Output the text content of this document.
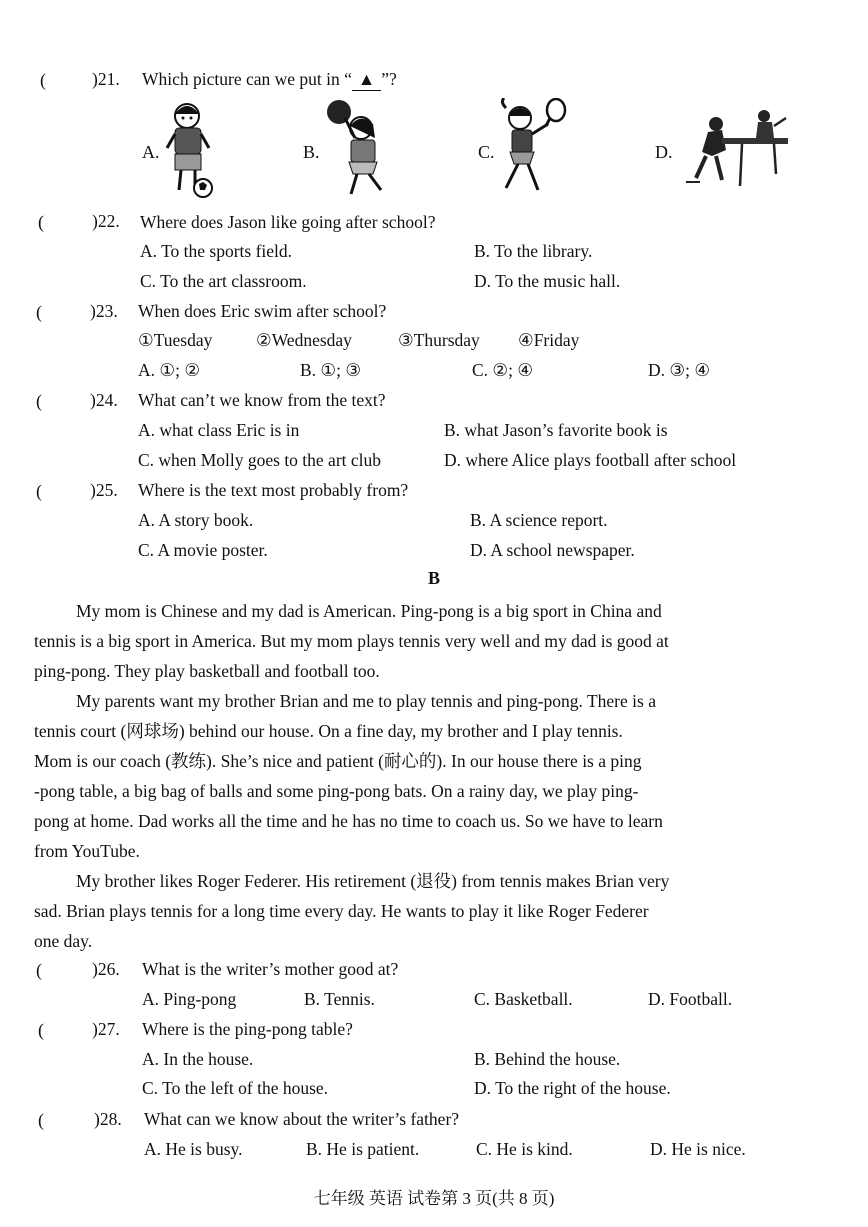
(	)21. Which picture can we put in “ ▲ ”?
A.	B.	C.	D.
(	)22. Where does Jason like going after school?
A. To the sports field.	B. To the library.
C. To the art classroom.	D. To the music hall.
(	)23. When does Eric swim after school?
①Tuesday ②Wednesday	③Thursday ④Friday
A. ①; ②	B. ①; ③	C. ②; ④	D. ③; ④
(	)24. What can’t we know from the text?
A. what class Eric is in	B. what Jason’s favorite book is
C. when Molly goes to the art club	D. where Alice plays football after school
(	)25. Where is the text most probably from?
A. A story book.	B. A science report.
C. A movie poster.	D. A school newspaper.
B
My mom is Chinese and my dad is American. Ping-pong is a big sport in China and
tennis is a big sport in America. But my mom plays tennis very well and my dad is good at
ping-pong. They play basketball and football too.
My parents want my brother Brian and me to play tennis and ping-pong. There is a
tennis court (网球场) behind our house. On a fine day, my brother and I play tennis.
Mom is our coach (教练). She’s nice and patient (耐心的). In our house there is a ping
-pong table, a big bag of balls and some ping-pong bats. On a rainy day, we play ping-
pong at home. Dad works all the time and he has no time to coach us. So we have to learn
from YouTube.
My brother likes Roger Federer. His retirement (退役) from tennis makes Brian very
sad. Brian plays tennis for a long time every day. He wants to play it like Roger Federer
one day.
(	)26. What is the writer’s mother good at?
A. Ping-pong	B. Tennis.	C. Basketball.	D. Football.
(	)27. Where is the ping-pong table?
A. In the house.	B. Behind the house.
C. To the left of the house.	D. To the right of the house.
(	)28. What can we know about the writer’s father?
A. He is busy.	B. He is patient.	C. He is kind.	D. He is nice.
七年级 英语 试卷第 3 页(共 8 页)
